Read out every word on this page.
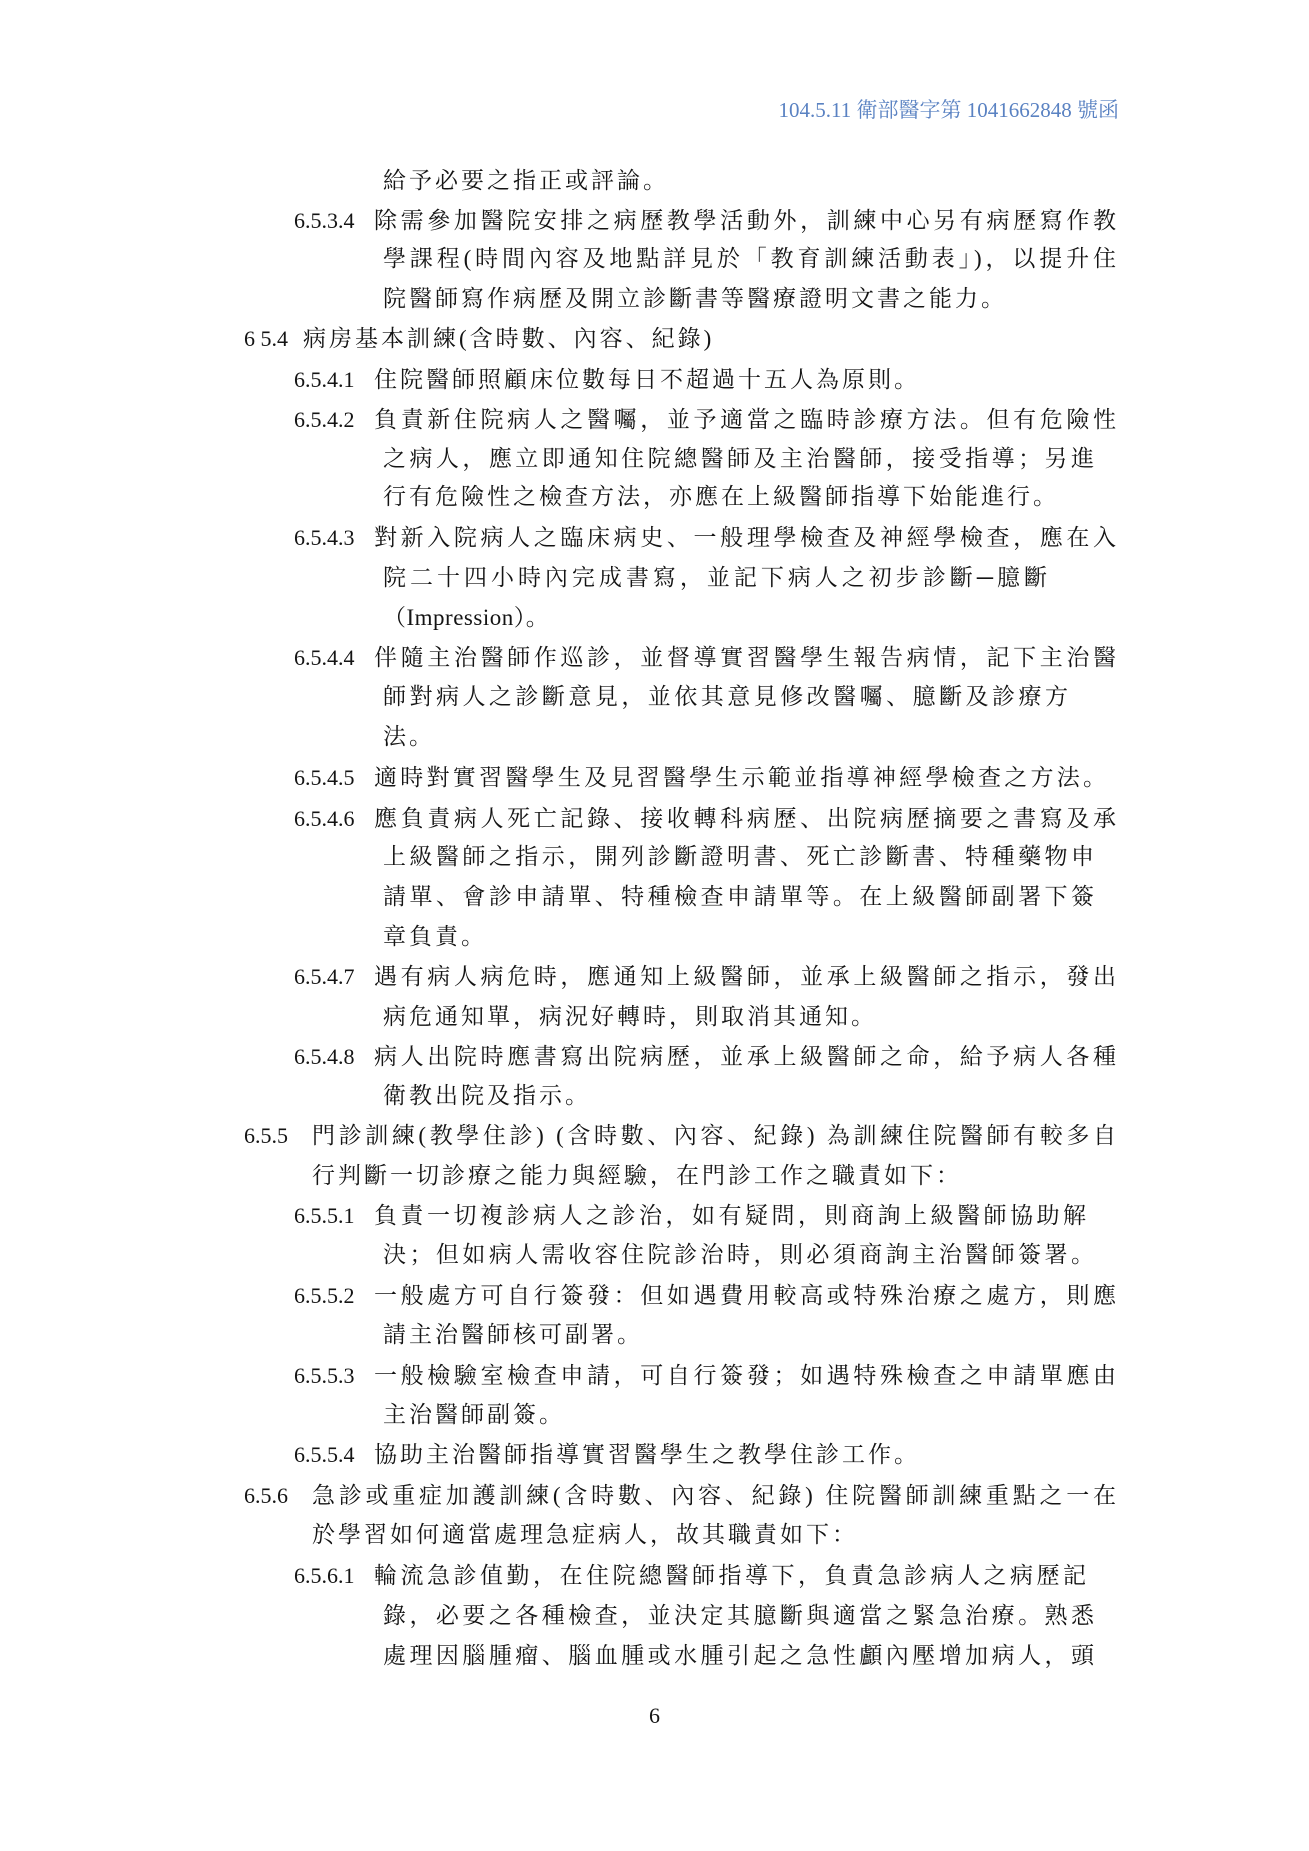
104.5.11 衛部醫字第 1041662848 號函
給予必要之指正或評論。
6.5.3.4 除需參加醫院安排之病歷教學活動外，訓練中心另有病歷寫作教
學課程(時間內容及地點詳見於「教育訓練活動表」)，以提升住
院醫師寫作病歷及開立診斷書等醫療證明文書之能力。
6 5.4 病房基本訓練(含時數、內容、紀錄)
6.5.4.1 住院醫師照顧床位數每日不超過十五人為原則。
6.5.4.2 負責新住院病人之醫囑，並予適當之臨時診療方法。但有危險性
之病人，應立即通知住院總醫師及主治醫師，接受指導；另進
行有危險性之檢查方法，亦應在上級醫師指導下始能進行。
6.5.4.3 對新入院病人之臨床病史、一般理學檢查及神經學檢查，應在入
院二十四小時內完成書寫，並記下病人之初步診斷─臆斷
（Impression）。
6.5.4.4 伴隨主治醫師作巡診，並督導實習醫學生報告病情，記下主治醫
師對病人之診斷意見，並依其意見修改醫囑、臆斷及診療方
法。
6.5.4.5 適時對實習醫學生及見習醫學生示範並指導神經學檢查之方法。
6.5.4.6 應負責病人死亡記錄、接收轉科病歷、出院病歷摘要之書寫及承
上級醫師之指示，開列診斷證明書、死亡診斷書、特種藥物申
請單、會診申請單、特種檢查申請單等。在上級醫師副署下簽
章負責。
6.5.4.7 遇有病人病危時，應通知上級醫師，並承上級醫師之指示，發出
病危通知單，病況好轉時，則取消其通知。
6.5.4.8 病人出院時應書寫出院病歷，並承上級醫師之命，給予病人各種
衛教出院及指示。
6.5.5 門診訓練(教學住診) (含時數、內容、紀錄) 為訓練住院醫師有較多自
行判斷一切診療之能力與經驗，在門診工作之職責如下：
6.5.5.1 負責一切複診病人之診治，如有疑問，則商詢上級醫師協助解
決；但如病人需收容住院診治時，則必須商詢主治醫師簽署。
6.5.5.2 一般處方可自行簽發：但如遇費用較高或特殊治療之處方，則應
請主治醫師核可副署。
6.5.5.3 一般檢驗室檢查申請，可自行簽發；如遇特殊檢查之申請單應由
主治醫師副簽。
6.5.5.4 協助主治醫師指導實習醫學生之教學住診工作。
6.5.6 急診或重症加護訓練(含時數、內容、紀錄) 住院醫師訓練重點之一在
於學習如何適當處理急症病人，故其職責如下：
6.5.6.1 輪流急診值勤，在住院總醫師指導下，負責急診病人之病歷記
錄，必要之各種檢查，並決定其臆斷與適當之緊急治療。熟悉
處理因腦腫瘤、腦血腫或水腫引起之急性顱內壓增加病人，頭
6
